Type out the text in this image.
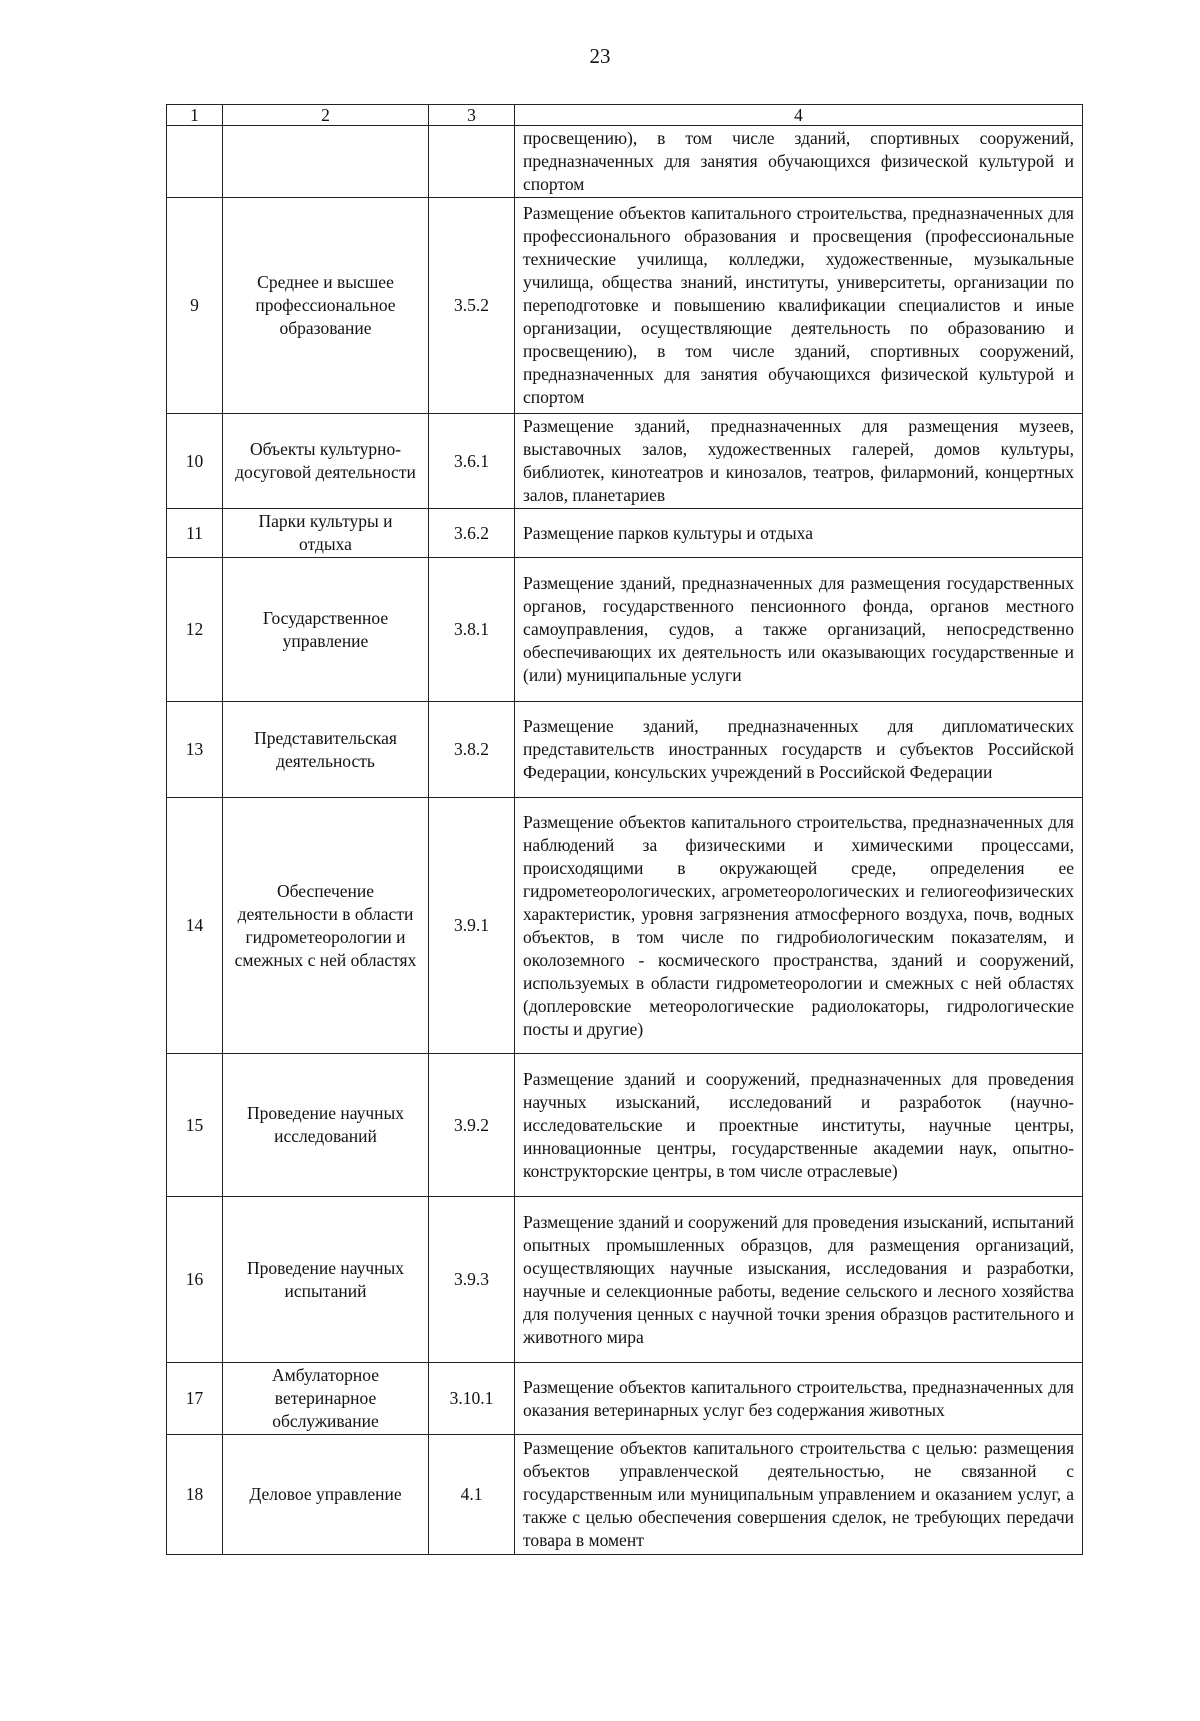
23
1	2	3	4
			просвещению), в том числе зданий, спортивных сооружений, предназначенных для занятия обучающихся физической культурой и спортом
9	Среднее и высшее профессиональное образование	3.5.2	Размещение объектов капитального строительства, предназначенных для профессионального образования и просвещения (профессиональные технические училища, колледжи, художественные, музыкальные училища, общества знаний, институты, университеты, организации по переподготовке и повышению квалификации специалистов и иные организации, осуществляющие деятельность по образованию и просвещению), в том числе зданий, спортивных сооружений, предназначенных для занятия обучающихся физической культурой и спортом
10	Объекты культурно-досуговой деятельности	3.6.1	Размещение зданий, предназначенных для размещения музеев, выставочных залов, художественных галерей, домов культуры, библиотек, кинотеатров и кинозалов, театров, филармоний, концертных залов, планетариев
11	Парки культуры и отдыха	3.6.2	Размещение парков культуры и отдыха
12	Государственное управление	3.8.1	Размещение зданий, предназначенных для размещения государственных органов, государственного пенсионного фонда, органов местного самоуправления, судов, а также организаций, непосредственно обеспечивающих их деятельность или оказывающих государственные и (или) муниципальные услуги
13	Представительская деятельность	3.8.2	Размещение зданий, предназначенных для дипломатических представительств иностранных государств и субъектов Российской Федерации, консульских учреждений в Российской Федерации
14	Обеспечение деятельности в области гидрометеорологии и смежных с ней областях	3.9.1	Размещение объектов капитального строительства, предназначенных для наблюдений за физическими и химическими процессами, происходящими в окружающей среде, определения ее гидрометеорологических, агрометеорологических и гелиогеофизических характеристик, уровня загрязнения атмосферного воздуха, почв, водных объектов, в том числе по гидробиологическим показателям, и околоземного - космического пространства, зданий и сооружений, используемых в области гидрометеорологии и смежных с ней областях (доплеровские метеорологические радиолокаторы, гидрологические посты и другие)
15	Проведение научных исследований	3.9.2	Размещение зданий и сооружений, предназначенных для проведения научных изысканий, исследований и разработок (научно-исследовательские и проектные институты, научные центры, инновационные центры, государственные академии наук, опытно-конструкторские центры, в том числе отраслевые)
16	Проведение научных испытаний	3.9.3	Размещение зданий и сооружений для проведения изысканий, испытаний опытных промышленных образцов, для размещения организаций, осуществляющих научные изыскания, исследования и разработки, научные и селекционные работы, ведение сельского и лесного хозяйства для получения ценных с научной точки зрения образцов растительного и животного мира
17	Амбулаторное ветеринарное обслуживание	3.10.1	Размещение объектов капитального строительства, предназначенных для оказания ветеринарных услуг без содержания животных
18	Деловое управление	4.1	Размещение объектов капитального строительства с целью: размещения объектов управленческой деятельностью, не связанной с государственным или муниципальным управлением и оказанием услуг, а также с целью обеспечения совершения сделок, не требующих передачи товара в момент
